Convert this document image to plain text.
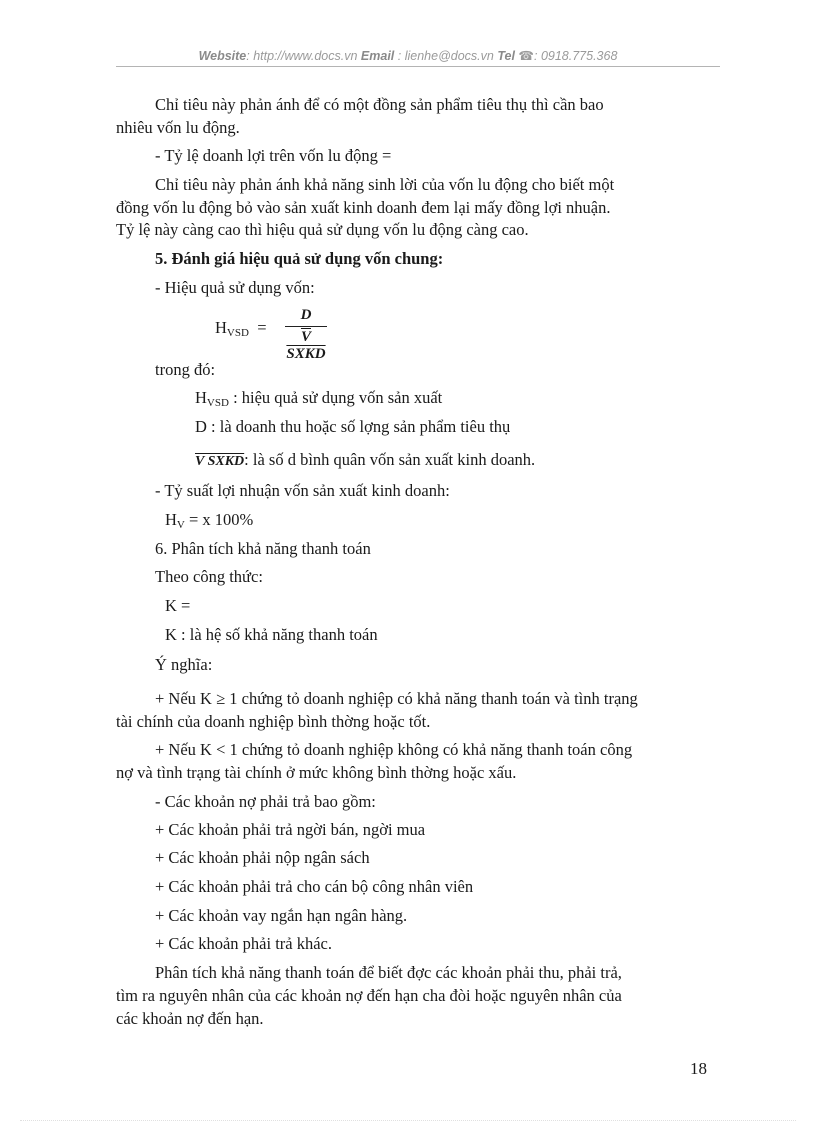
Website: http://www.docs.vn Email : lienhe@docs.vn Tel ☎: 0918.775.368
Chỉ tiêu này phản ánh để có một đồng sản phẩm tiêu thụ thì cần bao
nhiêu vốn lu động.
- Tỷ lệ doanh lợi trên vốn lu động =
Chỉ tiêu này phản ánh khả năng sinh lời của vốn lu động cho biết một
đồng vốn lu động bỏ vào sản xuất kinh doanh đem lại mấy đồng lợi nhuận.
Tỷ lệ này càng cao thì hiệu quả sử dụng vốn lu động càng cao.
5. Đánh giá hiệu quả sử dụng vốn chung:
- Hiệu quả sử dụng vốn:
HVSD =
D
V SXKD
trong đó:
HVSD : hiệu quả sử dụng vốn sản xuất
D : là doanh thu hoặc số lợng sản phẩm tiêu thụ
V SXKD: là số d bình quân vốn sản xuất kinh doanh.
- Tỷ suất lợi nhuận vốn sản xuất kinh doanh:
HV = x 100%
6. Phân tích khả năng thanh toán
Theo công thức:
K =
K : là hệ số khả năng thanh toán
Ý nghĩa:
+ Nếu K ≥ 1 chứng tỏ doanh nghiệp có khả năng thanh toán và tình trạng
tài chính của doanh nghiệp bình thờng hoặc tốt.
+ Nếu K < 1 chứng tỏ doanh nghiệp không có khả năng thanh toán công
nợ và tình trạng tài chính ở mức không bình thờng hoặc xấu.
- Các khoản nợ phải trả bao gồm:
+ Các khoản phải trả ngời bán, ngời mua
+ Các khoản phải nộp ngân sách
+ Các khoản phải trả cho cán bộ công nhân viên
+ Các khoản vay ngắn hạn ngân hàng.
+ Các khoản phải trả khác.
Phân tích khả năng thanh toán để biết đợc các khoản phải thu, phải trả,
tìm ra nguyên nhân của các khoản nợ đến hạn cha đòi hoặc nguyên nhân của
các khoản nợ đến hạn.
18
